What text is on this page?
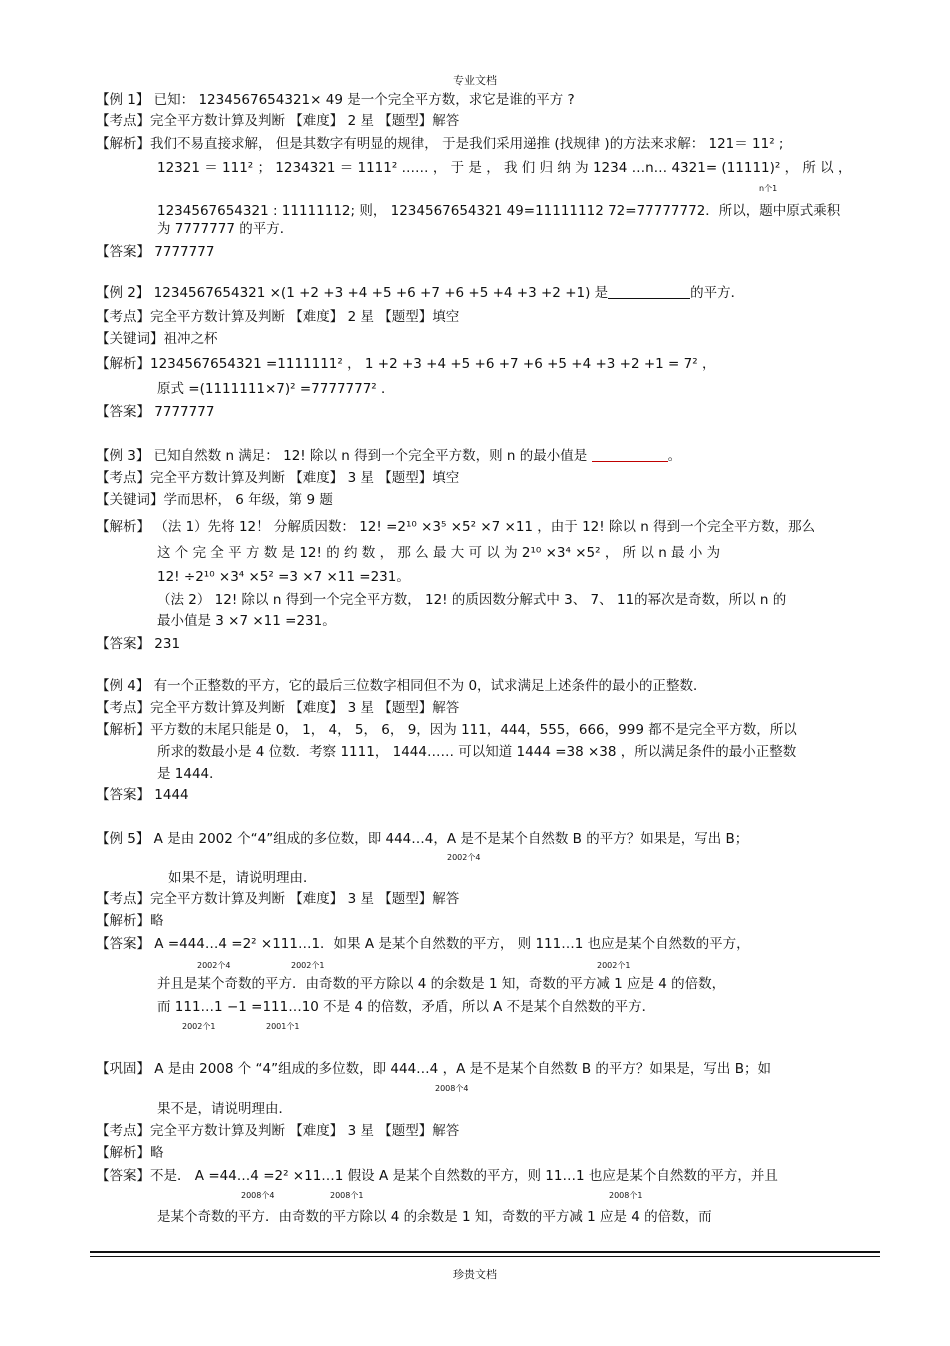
专业文档
【例 1】 已知： 1234567654321× 49 是一个完全平方数，求它是谁的平方 ?
【考点】完全平方数计算及判断 【难度】 2 星 【题型】解答
【解析】我们不易直接求解， 但是其数字有明显的规律， 于是我们采用递推 (找规律 )的方法来求解： 121＝ 11² ;
12321 ＝ 111² ； 1234321 ＝ 1111² …… ， 于 是 ， 我 们 归 纳 为 1234 …n… 4321= (11111)² ， 所 以 ，
n个1
1234567654321 : 11111112; 则， 1234567654321 49=11111112 72=77777772．所以，题中原式乘积
为 7777777 的平方．
【答案】 7777777
【例 2】 1234567654321 ×(1 +2 +3 +4 +5 +6 +7 +6 +5 +4 +3 +2 +1) 是	的平方．
【考点】完全平方数计算及判断 【难度】 2 星 【题型】填空
【关键词】祖冲之杯
【解析】1234567654321 =1111111² ， 1 +2 +3 +4 +5 +6 +7 +6 +5 +4 +3 +2 +1 = 7² ，
原式 =(1111111×7)² =7777777² ．
【答案】 7777777
【例 3】 已知自然数 n 满足： 12! 除以 n 得到一个完全平方数，则 n 的最小值是	。
【考点】完全平方数计算及判断 【难度】 3 星 【题型】填空
【关键词】学而思杯， 6 年级，第 9 题
【解析】 （法 1）先将 12！ 分解质因数： 12! =2¹⁰ ×3⁵ ×5² ×7 ×11 ，由于 12! 除以 n 得到一个完全平方数，那么
这 个 完 全 平 方 数 是 12! 的 约 数 ， 那 么 最 大 可 以 为 2¹⁰ ×3⁴ ×5² ， 所 以 n 最 小 为
12! ÷2¹⁰ ×3⁴ ×5² =3 ×7 ×11 =231。
（法 2） 12! 除以 n 得到一个完全平方数， 12! 的质因数分解式中 3、 7、 11的幂次是奇数，所以 n 的
最小值是 3 ×7 ×11 =231。
【答案】 231
【例 4】 有一个正整数的平方，它的最后三位数字相同但不为 0，试求满足上述条件的最小的正整数．
【考点】完全平方数计算及判断 【难度】 3 星 【题型】解答
【解析】平方数的末尾只能是 0， 1， 4， 5， 6， 9，因为 111，444，555，666，999 都不是完全平方数，所以
所求的数最小是 4 位数．考察 1111， 1444…… 可以知道 1444 =38 ×38 ，所以满足条件的最小正整数
是 1444．
【答案】 1444
【例 5】 A 是由 2002 个“4”组成的多位数，即 444…4，A 是不是某个自然数 B 的平方？如果是，写出 B；
2002个4
如果不是，请说明理由．
【考点】完全平方数计算及判断 【难度】 3 星 【题型】解答
【解析】略
【答案】 A =444…4 =2² ×111…1．如果 A 是某个自然数的平方， 则 111…1 也应是某个自然数的平方，
2002个4	2002个1	2002个1
并且是某个奇数的平方．由奇数的平方除以 4 的余数是 1 知，奇数的平方减 1 应是 4 的倍数，
而 111…1 −1 =111…10 不是 4 的倍数，矛盾，所以 A 不是某个自然数的平方．
2002个1	2001个1
【巩固】 A 是由 2008 个 “4”组成的多位数，即 444…4 ，A 是不是某个自然数 B 的平方？如果是，写出 B；如
2008个4
果不是，请说明理由．
【考点】完全平方数计算及判断 【难度】 3 星 【题型】解答
【解析】略
【答案】不是． A =44…4 =2² ×11…1 假设 A 是某个自然数的平方，则 11…1 也应是某个自然数的平方，并且
2008个4	2008个1	2008个1
是某个奇数的平方．由奇数的平方除以 4 的余数是 1 知，奇数的平方减 1 应是 4 的倍数，而
珍贵文档
